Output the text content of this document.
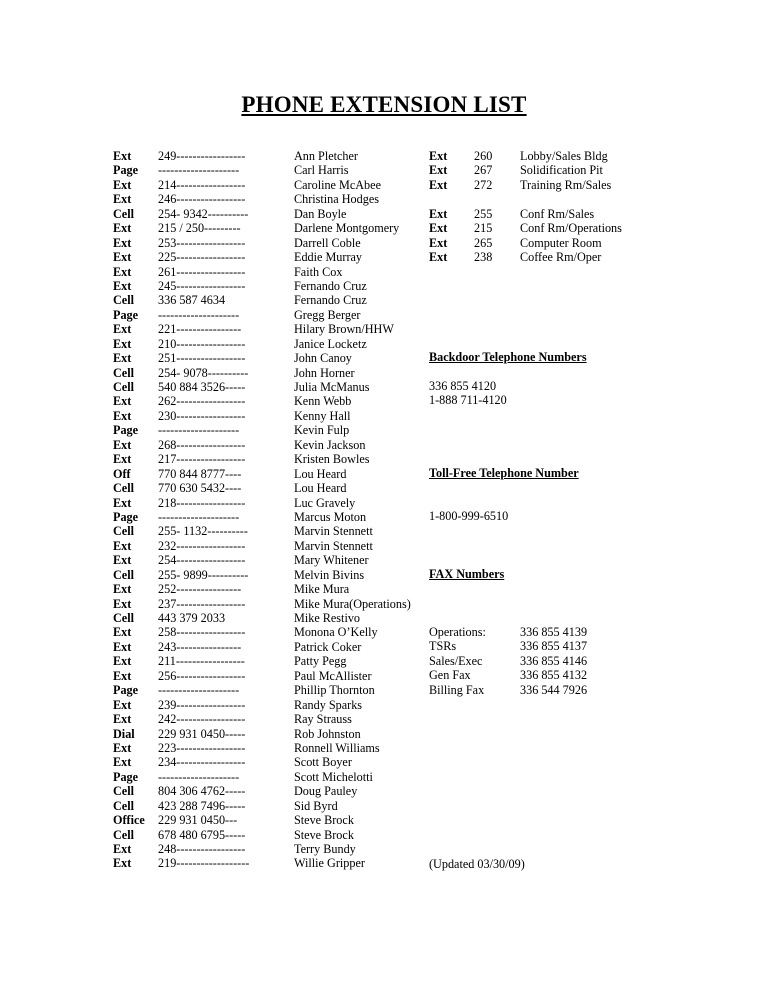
PHONE EXTENSION LIST
Ext	249-----------------	Ann Pletcher
Page	--------------------	Carl Harris
Ext	214-----------------	Caroline McAbee
Ext	246-----------------	Christina Hodges
Cell	254- 9342----------	Dan Boyle
Ext	215 / 250---------	Darlene Montgomery
Ext	253-----------------	Darrell Coble
Ext	225-----------------	Eddie Murray
Ext	261-----------------	Faith Cox
Ext	245-----------------	Fernando Cruz
Cell	336 587 4634	Fernando Cruz
Page	--------------------	Gregg Berger
Ext	221----------------	Hilary Brown/HHW
Ext	210-----------------	Janice Locketz
Ext	251-----------------	John Canoy
Cell	254- 9078----------	John Horner
Cell	540 884 3526-----	Julia McManus
Ext	262-----------------	Kenn Webb
Ext	230-----------------	Kenny Hall
Page	--------------------	Kevin Fulp
Ext	268-----------------	Kevin Jackson
Ext	217-----------------	Kristen Bowles
Off	770 844 8777----	Lou Heard
Cell	770 630 5432----	Lou Heard
Ext	218-----------------	Luc Gravely
Page	--------------------	Marcus Moton
Cell	255- 1132----------	Marvin Stennett
Ext	232-----------------	Marvin Stennett
Ext	254-----------------	Mary Whitener
Cell	255- 9899----------	Melvin Bivins
Ext	252----------------	Mike Mura
Ext	237-----------------	Mike Mura(Operations)
Cell	443 379 2033	Mike Restivo
Ext	258-----------------	Monona O’Kelly
Ext	243----------------	Patrick Coker
Ext	211-----------------	Patty Pegg
Ext	256-----------------	Paul McAllister
Page	--------------------	Phillip Thornton
Ext	239-----------------	Randy Sparks
Ext	242-----------------	Ray Strauss
Dial	229 931 0450-----	Rob Johnston
Ext	223-----------------	Ronnell Williams
Ext	234-----------------	Scott Boyer
Page	--------------------	Scott Michelotti
Cell	804 306 4762-----	Doug Pauley
Cell	423 288 7496-----	Sid Byrd
Office	229 931 0450---	Steve Brock
Cell	678 480 6795-----	Steve Brock
Ext	248-----------------	Terry Bundy
Ext	219------------------	Willie Gripper
Ext	260	Lobby/Sales Bldg
Ext	267	Solidification Pit
Ext	272	Training Rm/Sales
Ext	255	Conf Rm/Sales
Ext	215	Conf Rm/Operations
Ext	265	Computer Room
Ext	238	Coffee Rm/Oper
Backdoor Telephone Numbers
336 855 4120
1-888 711-4120
Toll-Free Telephone Number
1-800-999-6510
FAX Numbers
Operations:	336 855 4139
TSRs	336 855 4137
Sales/Exec	336 855 4146
Gen Fax	336 855 4132
Billing Fax	336 544 7926
(Updated 03/30/09)
